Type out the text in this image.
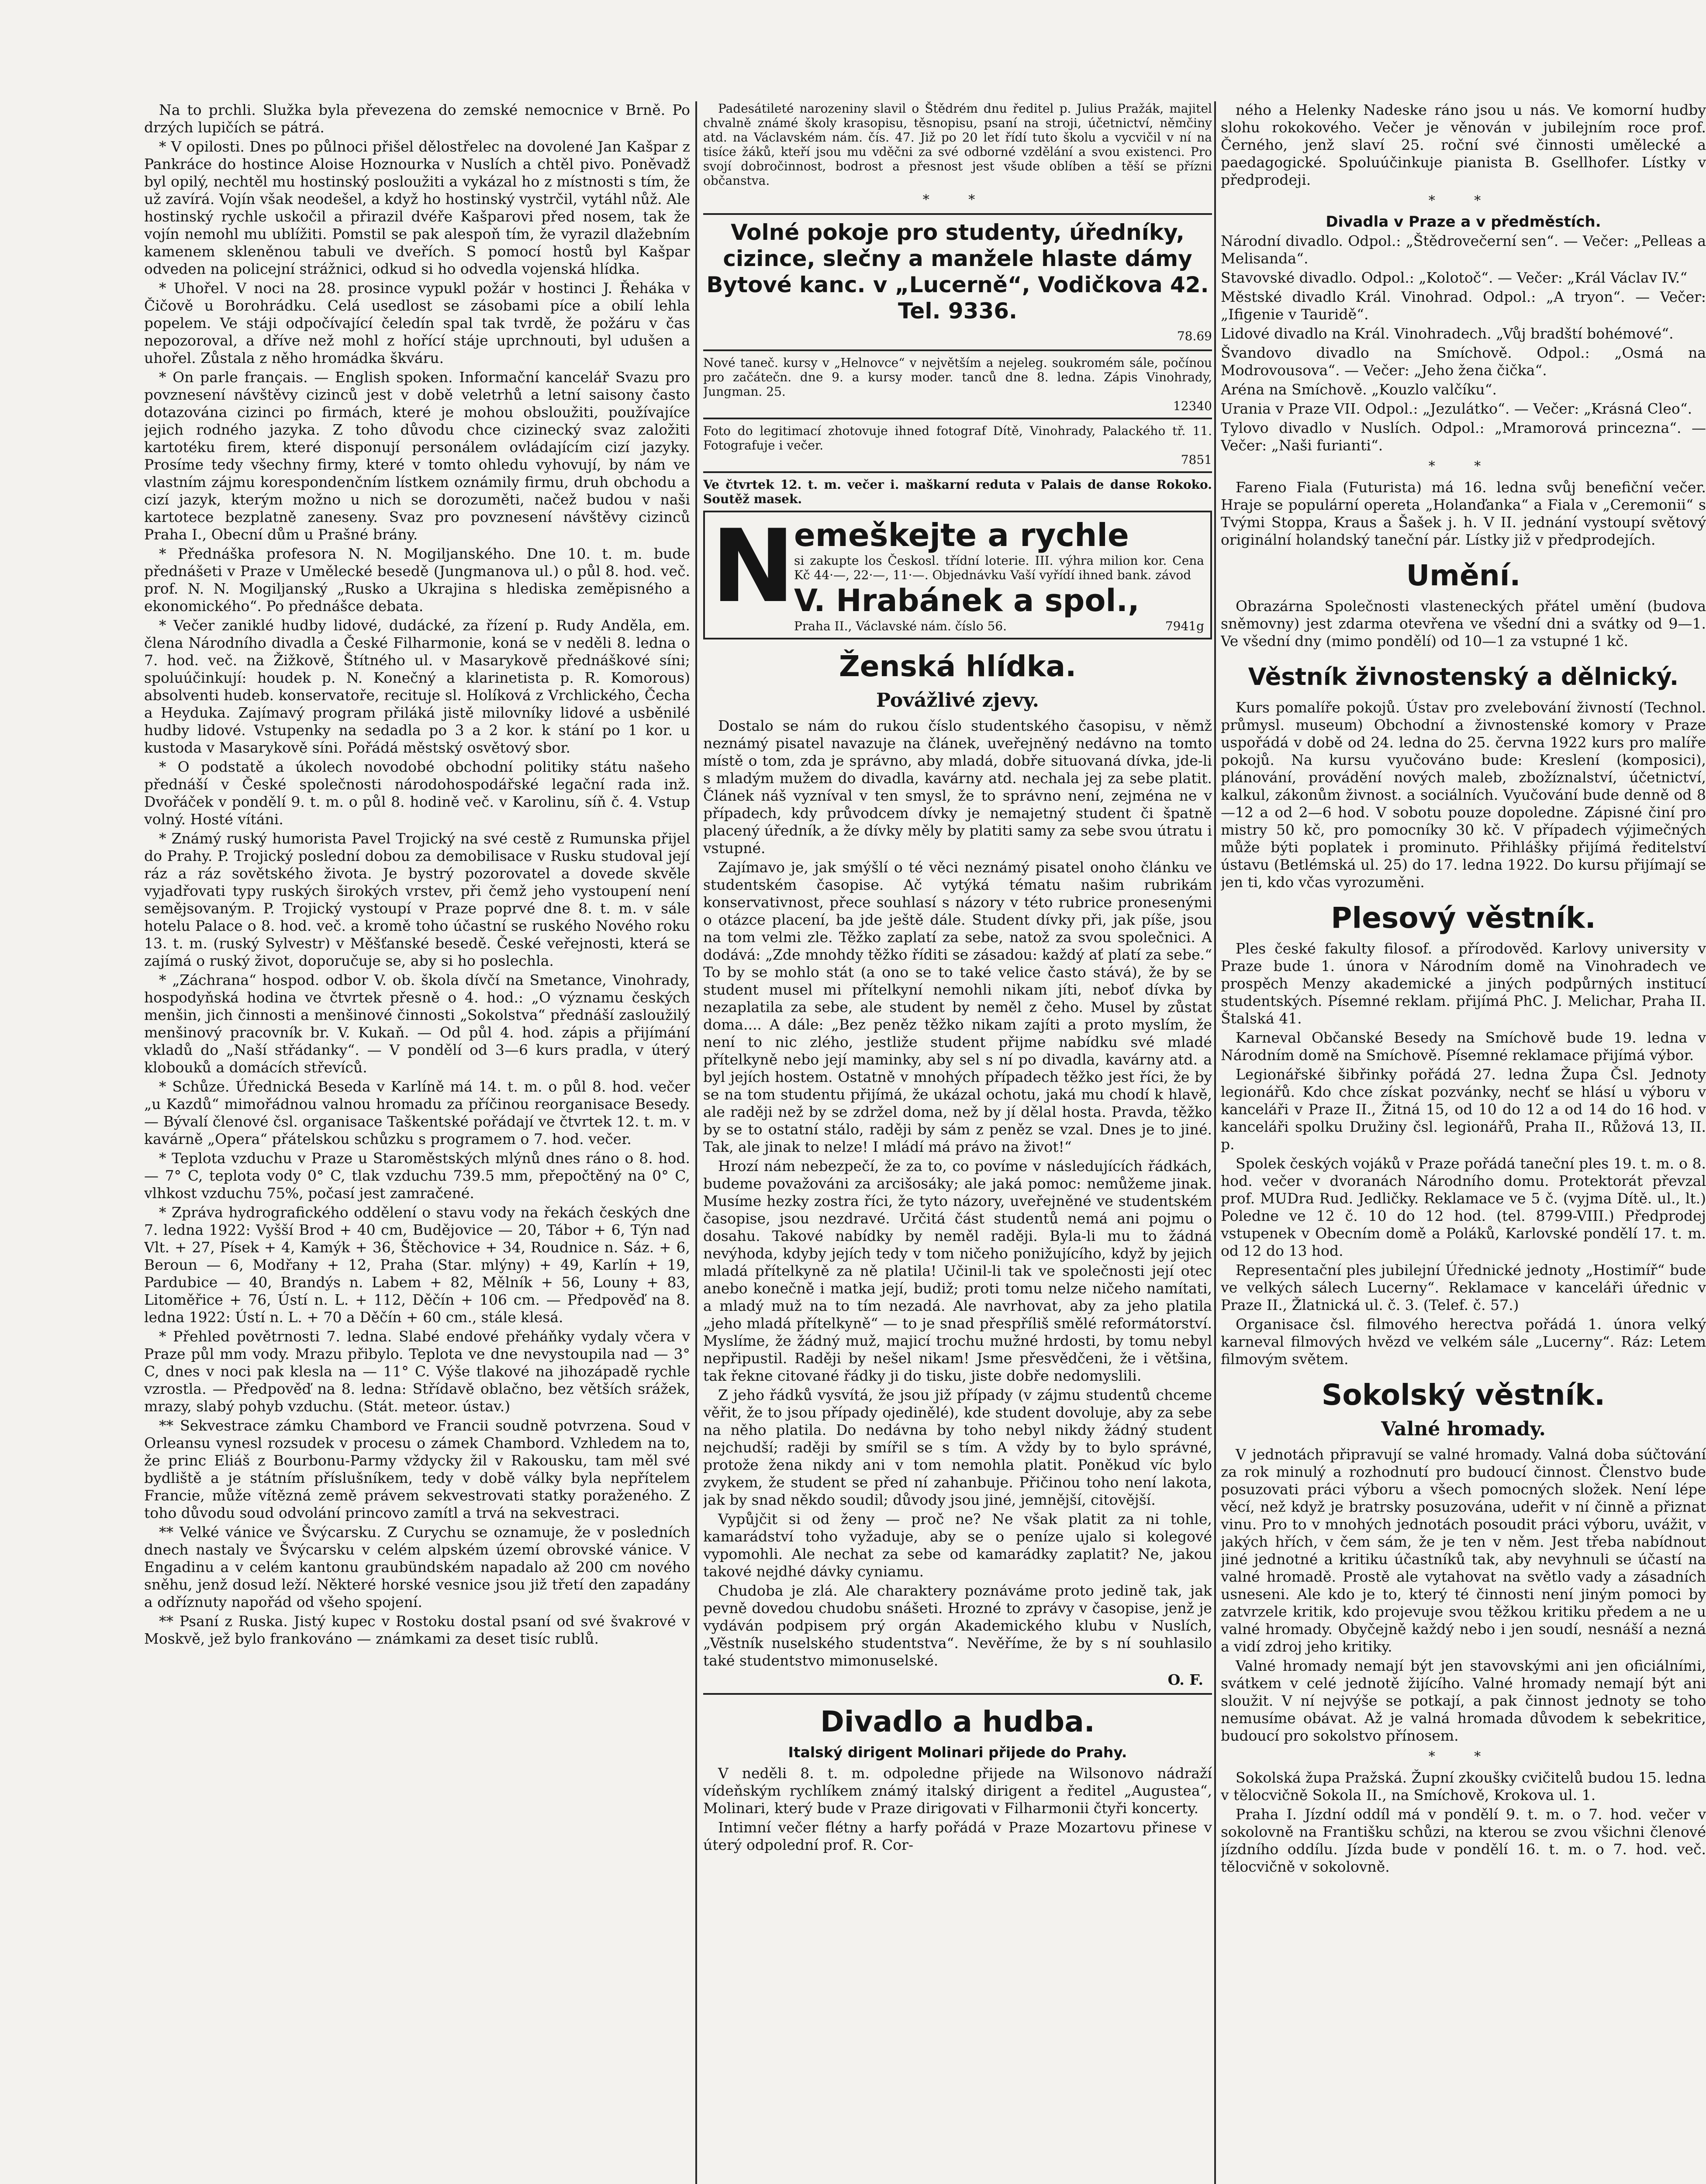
Na to prchli. Služka byla převezena do zemské nemocnice v Brně. Po drzých lupičích se pátrá.

* V opilosti. Dnes po půlnoci přišel dělostřelec na dovolené Jan Kašpar z Pankráce do hostince Aloise Hoznourka v Nuslích a chtěl pivo. Poněvadž byl opilý, nechtěl mu hostinský posloužiti a vykázal ho z místnosti s tím, že už zavírá. Vojín však neodešel, a když ho hostinský vystrčil, vytáhl nůž. Ale hostinský rychle uskočil a přirazil dvéře Kašparovi před nosem, tak že vojín nemohl mu ublížiti. Pomstil se pak alespoň tím, že vyrazil dlažebním kamenem skleněnou tabuli ve dveřích. S pomocí hostů byl Kašpar odveden na policejní strážnici, odkud si ho odvedla vojenská hlídka.

* Uhořel. V noci na 28. prosince vypukl požár v hostinci J. Řeháka v Čičově u Borohrádku. Celá usedlost se zásobami píce a obilí lehla popelem. Ve stáji odpočívající čeledín spal tak tvrdě, že požáru v čas nepozoroval, a dříve než mohl z hořící stáje uprchnouti, byl udušen a uhořel. Zůstala z něho hromádka škváru.

* On parle français. — English spoken. Informační kancelář Svazu pro povznesení návštěvy cizinců jest v době veletrhů a letní saisony často dotazována cizinci po firmách, které je mohou obsloužiti, používajíce jejich rodného jazyka. Z toho důvodu chce cizinecký svaz založiti kartotéku firem, které disponují personálem ovládajícím cizí jazyky. Prosíme tedy všechny firmy, které v tomto ohledu vyhovují, by nám ve vlastním zájmu korespondenčním lístkem oznámily firmu, druh obchodu a cizí jazyk, kterým možno u nich se dorozuměti, načež budou v naši kartotece bezplatně zaneseny. Svaz pro povznesení návštěvy cizinců Praha I., Obecní dům u Prašné brány.

* Přednáška profesora N. N. Mogiljanského. Dne 10. t. m. bude přednášeti v Praze v Umělecké besedě (Jungmanova ul.) o půl 8. hod. več. prof. N. N. Mogiljanský „Rusko a Ukrajina s hlediska zeměpisného a ekonomického“. Po přednášce debata.

* Večer zaniklé hudby lidové, dudácké, za řízení p. Rudy Anděla, em. člena Národního divadla a České Filharmonie, koná se v neděli 8. ledna o 7. hod. več. na Žižkově, Štítného ul. v Masarykově přednáškové síni; spoluúčinkují: houdek p. N. Konečný a klarinetista p. R. Komorous) absolventi hudeb. konservatoře, recituje sl. Holíková z Vrchlického, Čecha a Heyduka. Zajímavý program přiláká jistě milovníky lidové a usběnilé hudby lidové. Vstupenky na sedadla po 3 a 2 kor. k stání po 1 kor. u kustoda v Masarykově síni. Pořádá městský osvětový sbor.

* O podstatě a úkolech novodobé obchodní politiky státu našeho přednáší v České společnosti národohospodářské legační rada inž. Dvořáček v pondělí 9. t. m. o půl 8. hodině več. v Karolinu, síň č. 4. Vstup volný. Hosté vítáni.

* Známý ruský humorista Pavel Trojický na své cestě z Rumunska přijel do Prahy. P. Trojický poslední dobou za demobilisace v Rusku studoval její ráz a ráz sovětského života. Je bystrý pozorovatel a dovede skvěle vyjadřovati typy ruských širokých vrstev, při čemž jeho vystoupení není semějsovaným. P. Trojický vystoupí v Praze poprvé dne 8. t. m. v sále hotelu Palace o 8. hod. več. a kromě toho účastní se ruského Nového roku 13. t. m. (ruský Sylvestr) v Měšťanské besedě. České veřejnosti, která se zajímá o ruský život, doporučuje se, aby si ho poslechla.

* „Záchrana“ hospod. odbor V. ob. škola dívčí na Smetance, Vinohrady, hospodyňská hodina ve čtvrtek přesně o 4. hod.: „O významu českých menšin, jich činnosti a menšinové činnosti „Sokolstva“ přednáší zasloužilý menšinový pracovník br. V. Kukaň. — Od půl 4. hod. zápis a přijímání vkladů do „Naší střádanky“. — V pondělí od 3—6 kurs pradla, v úterý klobouků a domácích střevíců.

* Schůze. Úřednická Beseda v Karlíně má 14. t. m. o půl 8. hod. večer „u Kazdů“ mimořádnou valnou hromadu za příčinou reorganisace Besedy. — Bývalí členové čsl. organisace Taškentské pořádají ve čtvrtek 12. t. m. v kavárně „Opera“ přátelskou schůzku s programem o 7. hod. večer.

* Teplota vzduchu v Praze u Staroměstských mlýnů dnes ráno o 8. hod. — 7° C, teplota vody 0° C, tlak vzduchu 739.5 mm, přepočtěný na 0° C, vlhkost vzduchu 75%, počasí jest zamračené.

* Zpráva hydrografického oddělení o stavu vody na řekách českých dne 7. ledna 1922: Vyšší Brod + 40 cm, Budějovice — 20, Tábor + 6, Týn nad Vlt. + 27, Písek + 4, Kamýk + 36, Štěchovice + 34, Roudnice n. Sáz. + 6, Beroun — 6, Modřany + 12, Praha (Star. mlýny) + 49, Karlín + 19, Pardubice — 40, Brandýs n. Labem + 82, Mělník + 56, Louny + 83, Litoměřice + 76, Ústí n. L. + 112, Děčín + 106 cm. — Předpověď na 8. ledna 1922: Ústí n. L. + 70 a Děčín + 60 cm., stále klesá.

* Přehled povětrnosti 7. ledna. Slabé endové přeháňky vydaly včera v Praze půl mm vody. Mrazu přibylo. Teplota ve dne nevystoupila nad — 3° C, dnes v noci pak klesla na — 11° C. Výše tlakové na jihozápadě rychle vzrostla. — Předpověď na 8. ledna: Střídavě oblačno, bez větších srážek, mrazy, slabý pohyb vzduchu. (Stát. meteor. ústav.)

** Sekvestrace zámku Chambord ve Francii soudně potvrzena. Soud v Orleansu vynesl rozsudek v procesu o zámek Chambord. Vzhledem na to, že princ Eliáš z Bourbonu-Parmy vždycky žil v Rakousku, tam měl své bydliště a je státním příslušníkem, tedy v době války byla nepřítelem Francie, může vítězná země právem sekvestrovati statky poraženého. Z toho důvodu soud odvolání princovo zamítl a trvá na sekvestraci.

** Velké vánice ve Švýcarsku. Z Curychu se oznamuje, že v posledních dnech nastaly ve Švýcarsku v celém alpském území obrovské vánice. V Engadinu a v celém kantonu graubündském napadalo až 200 cm nového sněhu, jenž dosud leží. Některé horské vesnice jsou již třetí den zapadány a odříznuty napořád od všeho spojení.

** Psaní z Ruska. Jistý kupec v Rostoku dostal psaní od své švakrové v Moskvě, jež bylo frankováno — známkami za deset tisíc rublů.

Padesátileté narozeniny slavil o Štědrém dnu ředitel p. Julius Pražák, majitel chvalně známé školy krasopisu, těsnopisu, psaní na stroji, účetnictví, němčiny atd. na Václavském nám. čís. 47. Již po 20 let řídí tuto školu a vycvičil v ní na tisíce žáků, kteří jsou mu vděčni za své odborné vzdělání a svou existenci. Pro svojí dobročinnost, bodrost a přesnost jest všude oblíben a těší se přízni občanstva.

* *
Volné pokoje pro studenty, úředníky, cizince, slečny a manžele hlaste dámy Bytové kanc. v „Lucerně“, Vodičkova 42. Tel. 9336.
78.69
Nové taneč. kursy v „Helnovce“ v největším a nejeleg. soukromém sále, počínou pro začátečn. dne 9. a kursy moder. tanců dne 8. ledna. Zápis Vinohrady, Jungman. 25.
12340
Foto do legitimací zhotovuje ihned fotograf Dítě, Vinohrady, Palackého tř. 11. Fotografuje i večer.
7851
Ve čtvrtek 12. t. m. večer i. maškarní reduta v Palais de danse Rokoko. Soutěž masek.
N
emeškejte a rychle
si zakupte los Českosl. třídní loterie. III. výhra milion kor. Cena Kč 44·—, 22·—, 11·—. Objednávku Vaší vyřídí ihned bank. závod
V. Hrabánek a spol.,
Praha II., Václavské nám. číslo 56.	7941g
Ženská hlídka.
Povážlivé zjevy.

Dostalo se nám do rukou číslo studentského časopisu, v němž neznámý pisatel navazuje na článek, uveřejněný nedávno na tomto místě o tom, zda je správno, aby mladá, dobře situovaná dívka, jde-li s mladým mužem do divadla, kavárny atd. nechala jej za sebe platit. Článek náš vyzníval v ten smysl, že to správno není, zejména ne v případech, kdy průvodcem dívky je nemajetný student či špatně placený úředník, a že dívky měly by platiti samy za sebe svou útratu i vstupné.

Zajímavo je, jak smýšlí o té věci neznámý pisatel onoho článku ve studentském časopise. Ač vytýká tématu našim rubrikám konservativnost, přece souhlasí s názory v této rubrice pronesenými o otázce placení, ba jde ještě dále. Student dívky při, jak píše, jsou na tom velmi zle. Těžko zaplatí za sebe, natož za svou společnici. A dodává: „Zde mnohdy těžko říditi se zásadou: každý ať platí za sebe.“ To by se mohlo stát (a ono se to také velice často stává), že by se student musel mi přítelkyní nemohli nikam jíti, neboť dívka by nezaplatila za sebe, ale student by neměl z čeho. Musel by zůstat doma.... A dále: „Bez peněz těžko nikam zajíti a proto myslím, že není to nic zlého, jestliže student přijme nabídku své mladé přítelkyně nebo její maminky, aby sel s ní po divadla, kavárny atd. a byl jejích hostem. Ostatně v mnohých případech těžko jest říci, že by se na tom studentu přijímá, že ukázal ochotu, jaká mu chodí k hlavě, ale raději než by se zdržel doma, než by jí dělal hosta. Pravda, těžko by se to ostatní stálo, raději by sám z peněz se vzal. Dnes je to jiné. Tak, ale jinak to nelze! I mládí má právo na život!“

Hrozí nám nebezpečí, že za to, co povíme v následujících řádkách, budeme považováni za arcišosáky; ale jaká pomoc: nemůžeme jinak. Musíme hezky zostra říci, že tyto názory, uveřejněné ve studentském časopise, jsou nezdravé. Určitá část studentů nemá ani pojmu o dosahu. Takové nabídky by neměl raději. Byla-li mu to žádná nevýhoda, kdyby jejích tedy v tom ničeho ponižujícího, když by jejich mladá přítelkyně za ně platila! Učinil-li tak ve společnosti její otec anebo konečně i matka její, budiž; proti tomu nelze ničeho namítati, a mladý muž na to tím nezadá. Ale navrhovat, aby za jeho platila „jeho mladá přítelkyně“ — to je snad přespříliš smělé reformátorství. Myslíme, že žádný muž, majicí trochu mužné hrdosti, by tomu nebyl nepřipustil. Raději by nešel nikam! Jsme přesvědčeni, že i většina, tak řekne citované řádky ji do tisku, jiste dobře nedomyslili.

Z jeho řádků vysvítá, že jsou již případy (v zájmu studentů chceme věřit, že to jsou případy ojedinělé), kde student dovoluje, aby za sebe na něho platila. Do nedávna by toho nebyl nikdy žádný student nejchudší; raději by smířil se s tím. A vždy by to bylo správné, protože žena nikdy ani v tom nemohla platit. Poněkud víc bylo zvykem, že student se před ní zahanbuje. Přičinou toho není lakota, jak by snad někdo soudil; důvody jsou jiné, jemnější, citovější.

Vypůjčit si od ženy — proč ne? Ne však platit za ni tohle, kamarádství toho vyžaduje, aby se o peníze ujalo si kolegové vypomohli. Ale nechat za sebe od kamarádky zaplatit? Ne, jakou takové nejdhé dávky cyniamu.

Chudoba je zlá. Ale charaktery poznáváme proto jedině tak, jak pevně dovedou chudobu snášeti. Hrozné to zprávy v časopise, jenž je vydáván podpisem prý orgán Akademického klubu v Nuslích, „Věstník nuselského studentstva“. Nevěříme, že by s ní souhlasilo také studentstvo mimonuselské.

O. F.
Divadlo a hudba.
Italský dirigent Molinari přijede do Prahy.

V neděli 8. t. m. odpoledne přijede na Wilsonovo nádraží vídeňským rychlíkem známý italský dirigent a ředitel „Augustea“, Molinari, který bude v Praze dirigovati v Filharmonii čtyři koncerty.

Intimní večer flétny a harfy pořádá v Praze Mozartovu přinese v úterý odpolední prof. R. Cor-

ného a Helenky Nadeske ráno jsou u nás. Ve komorní hudby slohu rokokového. Večer je věnován v jubilejním roce prof. Černého, jenž slaví 25. roční své činnosti umělecké a paedagogické. Spoluúčinkuje pianista B. Gsellhofer. Lístky v předprodeji.

* *
Divadla v Praze a v předměstích.

Národní divadlo. Odpol.: „Štědrovečerní sen“. — Večer: „Pelleas a Melisanda“.

Stavovské divadlo. Odpol.: „Kolotoč“. — Večer: „Král Václav IV.“

Městské divadlo Král. Vinohrad. Odpol.: „A tryon“. — Večer: „Ifigenie v Tauridě“.

Lidové divadlo na Král. Vinohradech. „Vůj bradští bohémové“.

Švandovo divadlo na Smíchově. Odpol.: „Osmá na Modrovousova“. — Večer: „Jeho žena čička“.

Aréna na Smíchově. „Kouzlo valčíku“.

Urania v Praze VII. Odpol.: „Jezulátko“. — Večer: „Krásná Cleo“.

Tylovo divadlo v Nuslích. Odpol.: „Mramorová princezna“. — Večer: „Naši furianti“.

* *

Fareno Fiala (Futurista) má 16. ledna svůj benefiční večer. Hraje se populární opereta „Holanďanka“ a Fiala v „Ceremonii“ s Tvými Stoppa, Kraus a Šašek j. h. V II. jednání vystoupí světový originální holandský taneční pár. Lístky již v předprodejích.

Umění.

Obrazárna Společnosti vlasteneckých přátel umění (budova sněmovny) jest zdarma otevřena ve všední dni a svátky od 9—1. Ve všední dny (mimo pondělí) od 10—1 za vstupné 1 kč.

Věstník živnostenský a dělnický.

Kurs pomalíře pokojů. Ústav pro zvelebování živností (Technol. průmysl. museum) Obchodní a živnostenské komory v Praze uspořádá v době od 24. ledna do 25. června 1922 kurs pro malíře pokojů. Na kursu vyučováno bude: Kreslení (komposici), plánování, provádění nových maleb, zbožíznalství, účetnictví, kalkul, zákonům živnost. a sociálních. Vyučování bude denně od 8—12 a od 2—6 hod. V sobotu pouze dopoledne. Zápisné činí pro mistry 50 kč, pro pomocníky 30 kč. V případech výjimečných může býti poplatek i prominuto. Přihlášky přijímá ředitelství ústavu (Betlémská ul. 25) do 17. ledna 1922. Do kursu přijímají se jen ti, kdo včas vyrozuměni.

Plesový věstník.

Ples české fakulty filosof. a přírodověd. Karlovy university v Praze bude 1. února v Národním domě na Vinohradech ve prospěch Menzy akademické a jiných podpůrných institucí studentských. Písemné reklam. přijímá PhC. J. Melichar, Praha II. Štalská 41.

Karneval Občanské Besedy na Smíchově bude 19. ledna v Národním domě na Smíchově. Písemné reklamace přijímá výbor.

Legionářské šibřinky pořádá 27. ledna Župa Čsl. Jednoty legionářů. Kdo chce získat pozvánky, nechť se hlásí u výboru v kanceláři v Praze II., Žitná 15, od 10 do 12 a od 14 do 16 hod. v kanceláři spolku Družiny čsl. legionářů, Praha II., Růžová 13, II. p.

Spolek českých vojáků v Praze pořádá taneční ples 19. t. m. o 8. hod. večer v dvoranách Národního domu. Protektorát převzal prof. MUDra Rud. Jedličky. Reklamace ve 5 č. (vyjma Dítě. ul., lt.) Poledne ve 12 č. 10 do 12 hod. (tel. 8799-VIII.) Předprodej vstupenek v Obecním domě a Poláků, Karlovské pondělí 17. t. m. od 12 do 13 hod.

Representační ples jubilejní Úřednické jednoty „Hostimíř“ bude ve velkých sálech Lucerny“. Reklamace v kanceláři úřednic v Praze II., Žlatnická ul. č. 3. (Telef. č. 57.)

Organisace čsl. filmového herectva pořádá 1. února velký karneval filmových hvězd ve velkém sále „Lucerny“. Ráz: Letem filmovým světem.

Sokolský věstník.
Valné hromady.

V jednotách připravují se valné hromady. Valná doba súčtování za rok minulý a rozhodnutí pro budoucí činnost. Členstvo bude posuzovati práci výboru a všech pomocných složek. Není lépe věcí, než když je bratrsky posuzována, udeřit v ní činně a přiznat vinu. Pro to v mnohých jednotách posoudit práci výboru, uvážit, v jakých hřích, v čem sám, že je ten v něm. Jest třeba nabídnout jiné jednotné a kritiku účastníků tak, aby nevyhnuli se účastí na valné hromadě. Prostě ale vytahovat na světlo vady a zásadních usneseni. Ale kdo je to, který té činnosti není jiným pomoci by zatvrzele kritik, kdo projevuje svou těžkou kritiku předem a ne u valné hromady. Obyčejně každý nebo i jen soudí, nesnáší a nezná a vidí zdroj jeho kritiky.

Valné hromady nemají být jen stavovskými ani jen oficiálními, svátkem v celé jednotě žijícího. Valné hromady nemají být ani sloužit. V ní nejvýše se potkají, a pak činnost jednoty se toho nemusíme obávat. Až je valná hromada důvodem k sebekritice, budoucí pro sokolstvo přínosem.

* *

Sokolská župa Pražská. Župní zkoušky cvičitelů budou 15. ledna v tělocvičně Sokola II., na Smíchově, Krokova ul. 1.

Praha I. Jízdní oddíl má v pondělí 9. t. m. o 7. hod. večer v sokolovně na Františku schůzi, na kterou se zvou všichni členové jízdního oddílu. Jízda bude v pondělí 16. t. m. o 7. hod. več. tělocvičně v sokolovně.
